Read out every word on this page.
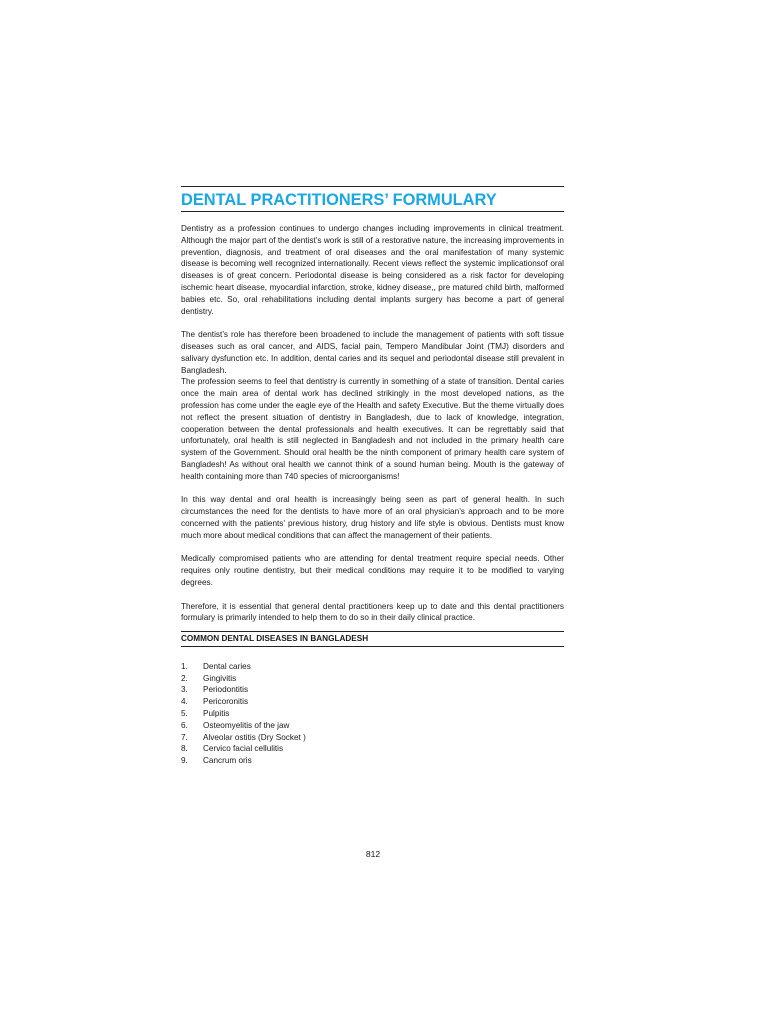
DENTAL PRACTITIONERS’ FORMULARY

Dentistry as a profession continues to undergo changes including improvements in clinical treatment. Although the major part of the dentist’s work is still of a restorative nature, the increasing improvements in prevention, diagnosis, and treatment of oral diseases and the oral manifestation of many systemic disease is becoming well recognized internationally. Recent views reflect the systemic implicationsof oral diseases is of great concern. Periodontal disease is being considered as a risk factor for developing ischemic heart disease, myocardial infarction, stroke, kidney disease,, pre matured child birth, malformed babies etc. So, oral rehabilitations including dental implants surgery has become a part of general dentistry.

The dentist’s role has therefore been broadened to include the management of patients with soft tissue diseases such as oral cancer, and AIDS, facial pain, Tempero Mandibular Joint (TMJ) disorders and salivary dysfunction etc. In addition, dental caries and its sequel and periodontal disease still prevalent in Bangladesh.

The profession seems to feel that dentistry is currently in something of a state of transition. Dental caries once the main area of dental work has declined strikingly in the most developed nations, as the profession has come under the eagle eye of the Health and safety Executive. But the theme virtually does not reflect the present situation of dentistry in Bangladesh, due to lack of knowledge, integration, cooperation between the dental professionals and health executives. It can be regrettably said that unfortunately, oral health is still neglected in Bangladesh and not included in the primary health care system of the Government. Should oral health be the ninth component of primary health care system of Bangladesh! As without oral health we cannot think of a sound human being. Mouth is the gateway of health containing more than 740 species of microorganisms!

In this way dental and oral health is increasingly being seen as part of general health. In such circumstances the need for the dentists to have more of an oral physician’s approach and to be more concerned with the patients’ previous history, drug history and life style is obvious. Dentists must know much more about medical conditions that can affect the management of their patients.

Medically compromised patients who are attending for dental treatment require special needs. Other requires only routine dentistry, but their medical conditions may require it to be modified to varying degrees.

Therefore, it is essential that general dental practitioners keep up to date and this dental practitioners formulary is primarily intended to help them to do so in their daily clinical practice.

COMMON DENTAL DISEASES IN BANGLADESH
1.	Dental caries
2.	Gingivitis
3.	Periodontitis
4.	Pericoronitis
5.	Pulpitis
6.	Osteomyelitis of the jaw
7.	Alveolar ostitis (Dry Socket )
8.	Cervico facial cellulitis
9.	Cancrum oris
812
